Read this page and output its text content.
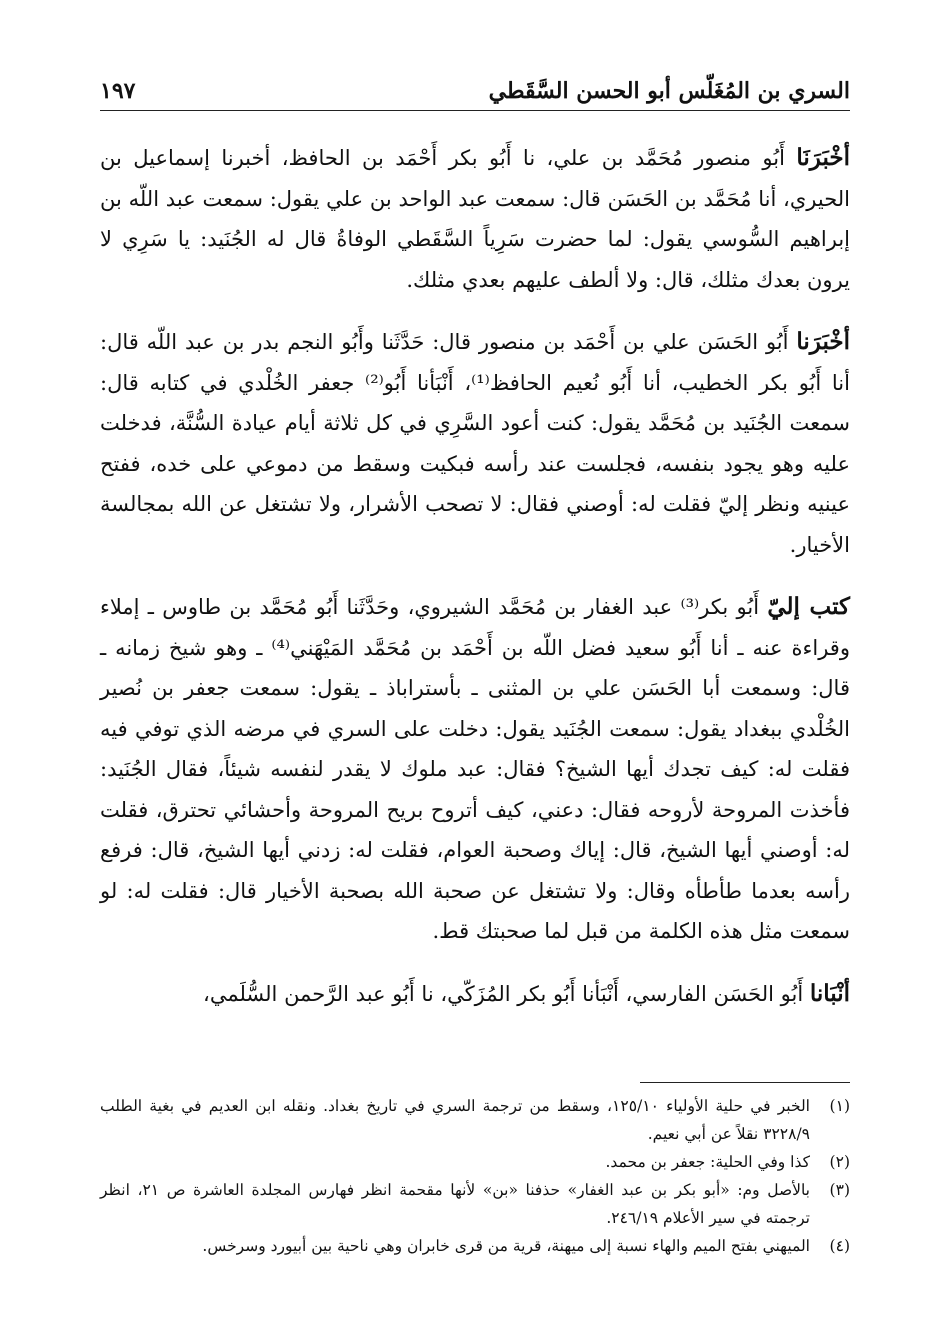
السري بن المُغَلّس أبو الحسن السَّقَطي
١٩٧

أخْبَرَنَا أَبُو منصور مُحَمَّد بن علي، نا أَبُو بكر أَحْمَد بن الحافظ، أخبرنا إسماعيل بن الحيري، أنا مُحَمَّد بن الحَسَن قال: سمعت عبد الواحد بن علي يقول: سمعت عبد اللّه بن إبراهيم السُّوسي يقول: لما حضرت سَرِياً السَّقَطي الوفاةُ قال له الجُنَيد: يا سَرِي لا يرون بعدك مثلك، قال: ولا ألطف عليهم بعدي مثلك.

أخْبَرَنا أَبُو الحَسَن علي بن أَحْمَد بن منصور قال: حَدَّثَنا وأَبُو النجم بدر بن عبد اللّه قال: أنا أَبُو بكر الخطيب، أنا أَبُو نُعيم الحافظ⁽¹⁾، أَنْبَأنا أَبُو⁽²⁾ جعفر الخُلْدي في كتابه قال: سمعت الجُنَيد بن مُحَمَّد يقول: كنت أعود السَّرِي في كل ثلاثة أيام عيادة السُّنَّة، فدخلت عليه وهو يجود بنفسه، فجلست عند رأسه فبكيت وسقط من دموعي على خده، ففتح عينيه ونظر إليّ فقلت له: أوصني فقال: لا تصحب الأشرار، ولا تشتغل عن الله بمجالسة الأخيار.

كتب إليّ أَبُو بكر⁽³⁾ عبد الغفار بن مُحَمَّد الشيروي، وحَدَّثَنا أَبُو مُحَمَّد بن طاوس ـ إملاء وقراءة عنه ـ أنا أَبُو سعيد فضل اللّه بن أَحْمَد بن مُحَمَّد المَيْهَني⁽⁴⁾ ـ وهو شيخ زمانه ـ قال: وسمعت أبا الحَسَن علي بن المثنى ـ بأستراباذ ـ يقول: سمعت جعفر بن نُصير الخُلْدي ببغداد يقول: سمعت الجُنَيد يقول: دخلت على السري في مرضه الذي توفي فيه فقلت له: كيف تجدك أيها الشيخ؟ فقال: عبد ملوك لا يقدر لنفسه شيئاً، فقال الجُنَيد: فأخذت المروحة لأروحه فقال: دعني، كيف أتروح بريح المروحة وأحشائي تحترق، فقلت له: أوصني أيها الشيخ، قال: إياك وصحبة العوام، فقلت له: زدني أيها الشيخ، قال: فرفع رأسه بعدما طأطأه وقال: ولا تشتغل عن صحبة الله بصحبة الأخيار قال: فقلت له: لو سمعت مثل هذه الكلمة من قبل لما صحبتك قط.

أنْبَانا أَبُو الحَسَن الفارسي، أَنْبَأنا أَبُو بكر المُزَكّي، نا أَبُو عبد الرَّحمن السُّلَمي،

(١)
الخبر في حلية الأولياء ١٢٥/١٠، وسقط من ترجمة السري في تاريخ بغداد. ونقله ابن العديم في بغية الطلب ٣٢٢٨/٩ نقلاً عن أبي نعيم.
(٢)
كذا وفي الحلية: جعفر بن محمد.
(٣)
بالأصل وم: «أبو بكر بن عبد الغفار» حذفنا «بن» لأنها مقحمة انظر فهارس المجلدة العاشرة ص ٢١، انظر ترجمته في سير الأعلام ٢٤٦/١٩.
(٤)
الميهني بفتح الميم والهاء نسبة إلى ميهنة، قرية من قرى خابران وهي ناحية بين أبيورد وسرخس.
